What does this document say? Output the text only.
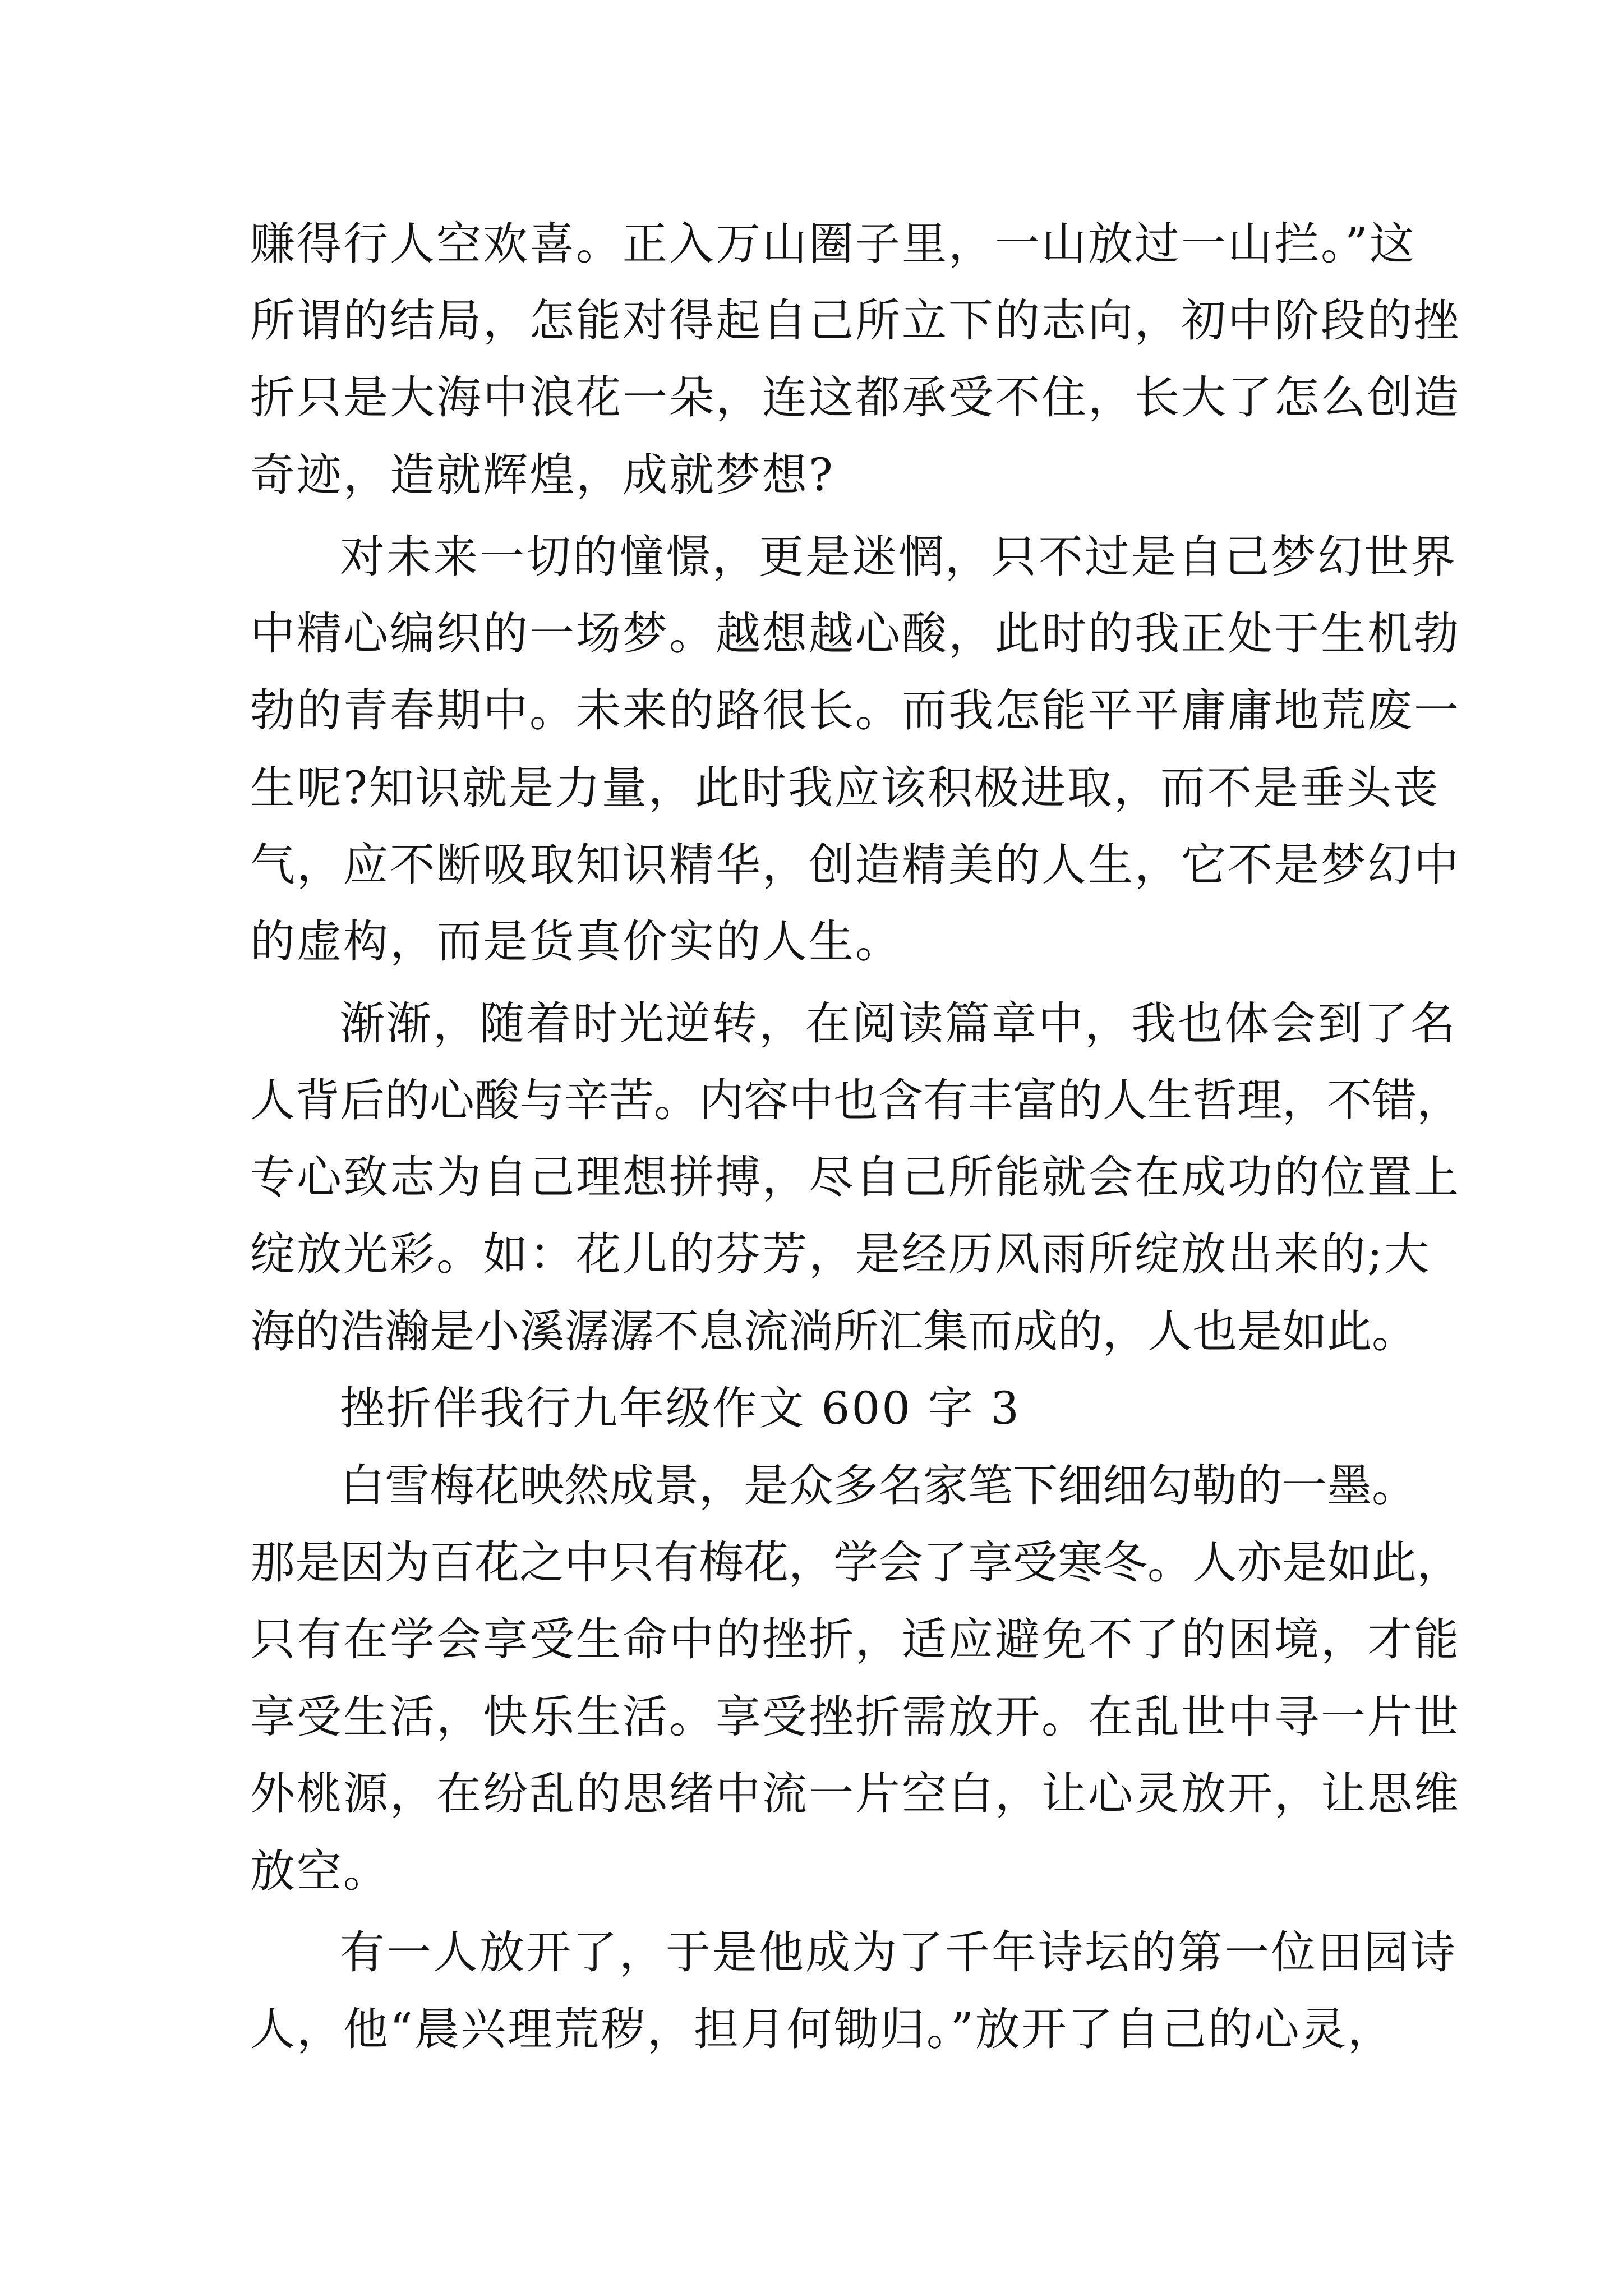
赚得行人空欢喜。正入万山圈子里，一山放过一山拦。”这
所谓的结局，怎能对得起自己所立下的志向，初中阶段的挫
折只是大海中浪花一朵，连这都承受不住，长大了怎么创造
奇迹，造就辉煌，成就梦想?
对未来一切的憧憬，更是迷惘，只不过是自己梦幻世界
中精心编织的一场梦。越想越心酸，此时的我正处于生机勃
勃的青春期中。未来的路很长。而我怎能平平庸庸地荒废一
生呢?知识就是力量，此时我应该积极进取，而不是垂头丧
气，应不断吸取知识精华，创造精美的人生，它不是梦幻中
的虚构，而是货真价实的人生。
渐渐，随着时光逆转，在阅读篇章中，我也体会到了名
人背后的心酸与辛苦。内容中也含有丰富的人生哲理，不错，
专心致志为自己理想拼搏，尽自己所能就会在成功的位置上
绽放光彩。如：花儿的芬芳，是经历风雨所绽放出来的;大
海的浩瀚是小溪潺潺不息流淌所汇集而成的，人也是如此。
挫折伴我行九年级作文 600 字 3
白雪梅花映然成景，是众多名家笔下细细勾勒的一墨。
那是因为百花之中只有梅花，学会了享受寒冬。人亦是如此，
只有在学会享受生命中的挫折，适应避免不了的困境，才能
享受生活，快乐生活。享受挫折需放开。在乱世中寻一片世
外桃源，在纷乱的思绪中流一片空白，让心灵放开，让思维
放空。
有一人放开了，于是他成为了千年诗坛的第一位田园诗
人，他“晨兴理荒秽，担月何锄归。”放开了自己的心灵，
